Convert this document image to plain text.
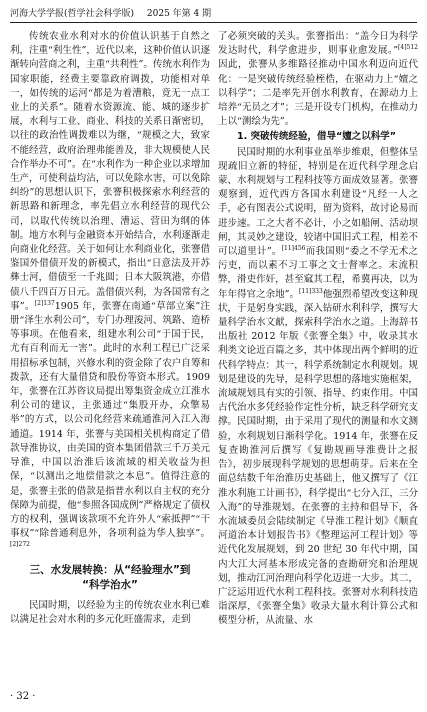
河海大学学报(哲学社会科学版) 2025 年第 4 期

传统农业水利对水的价值认识基于自然之利，注重“利生性”，近代以来，这种价值认识逐渐转向营商之利，主重“共利性”。传统水利作为国家职能，经费主要靠政府调拨，功能相对单一，如传统的运河“都是为着漕粮，竟无一点工业上的关系”。随着水资源流、能、城的逐步扩展，水利与工业、商业、科技的关系日渐密切，以往的政治性调拨难以为继，“规模之大，致家不能经营，政府治理弗能善及，非大规模使人民合作举办不可”。在“水利作为一种企业以求增加生产，可使利益均沾，可以免除水害，可以免除纠纷”的思想认识下，张謇积极探索水利经营的新思路和新理念，率先倡立水利经营的现代公司，以取代传统以治理、漕运、营田为纲的体制。地方水利与金融资本开始结合，水利逐渐走向商业化经营。关于如何让水利商业化，张謇借鉴国外借债开发的新模式，指出“日意法及开苏彝士河，借债至一千兆圆；日本大阪筑港，亦借债八千四百万日元。盖借债兴利，为各国常有之事”。$^{[2]137}$1905 年，张謇在南通“草部立案”注册“泽生水利公司”，专门办理浚河、筑路、造桥等事项。在他看来，组建水利公司“于国于民，尤有百利而无一害”。此时的水利工程已广泛采用招标承包制，兴修水利的资金除了农户自筹和拨款，还有大量借贷和股份等资本形式。1909 年，张謇在江苏咨议局提出筹集资金成立江淮水利公司的建议，主张通过“集股开办，众擎易举”的方式，以公司化经营来疏通淮河入江入海通道。1914 年，张謇与美国相关机构商定了借款导淮协议，由美国的资本集团借款三千万美元导淮，中国以治淮后该流域的相关收益为担保，“以测出之地偿借款之本息”。值得注意的是，张謇主张的借款是指普水利以自主权的充分保障为前提，他“参照各国成例”严格规定了债权方的权利，强调该款项不允许外人“索抵押”“干事权”“除普通利息外，各项利益为华人独享”。$^{[2]272}$

三、水发展转换：从“经验理水”到
“科学治水”

民国时期，以经验为主的传统农业水利已难以满足社会对水利的多元化旺盛需求，走到

了必须突破的关头。张謇指出：“盖今日为科学发达时代，科学愈进步，则事业愈发展。”$^{[4]512}$因此，张謇从多维路径推动中国水利迈向近代化：一是突破传统经验桎梏，在驱动力上“嬗之以科学”；二是率先开创水利教育，在源动力上培养“无员之才”；三是开设专门机构，在推动力上以“测绘为先”。

1. 突破传统经验，借导“嬗之以科学”

民国时期的水利事业虽举步维艰，但整体呈现疏旧立新的特征，特别是在近代科学理念启蒙、水利规划与工程科技等方面成效显著。张謇观察到，近代西方各国水利建设“凡经一人之手，必有图表公式说明，留为资料，故讨论易而进步速。工之大者不必计，小之如船闸、活动坝闸，其灵妙之建设，较诸中国旧式工程，相差不可以道里计”。$^{[11]456}$而我国则“委之不学无术之污吏，而以素不习工事之文士督率之。末流积弊，滑吏作奸，甚至窳其工程，希冀再决，以为年年得官之余地”。$^{[11]333}$他强烈希望改变这种现状，于是躬身实践，深入钻研水利科学，撰写大量科学治水文献，探索科学治水之道。上海辞书出版社 2012 年版《张謇全集》中，收录其水利类文论近百篇之多，其中体现出两个鲜明的近代科学特点：其一，科学系统制定水利规划。规划是建设的先导，是科学思想的落地实施框架，流域规划具有实的引领、指导、约束作用。中国古代治水多凭经验作定性分析，缺乏科学研究支撑。民国时期，由于采用了现代的测量和水文测验，水利规划日渐科学化。1914 年，张謇在反复查勘淮河后撰写《复勘规画导淮费计之报告》，初步展现科学规划的思想萌芽。后来在全面总结数千年治淮历史基础上，他又撰写了《江淮水利施工计画书》，科学提出“七分入江，三分入海”的导淮规划。在张謇的主持和倡导下，各水流域委员会陆续制定《导淮工程计划》《顺直河道治本计划报告书》《整理运河工程计划》等近代化发展规划，到 20 世纪 30 年代中期，国内大江大河基本形成完备的查勘研究和治理规划，推动江河治理向科学化迈进一大步。其二，广泛运用近代水利工程科技。张謇对水利科技造诣深厚，《张謇全集》收录大量水利计算公式和模型分析，从流量、水

· 32 ·
